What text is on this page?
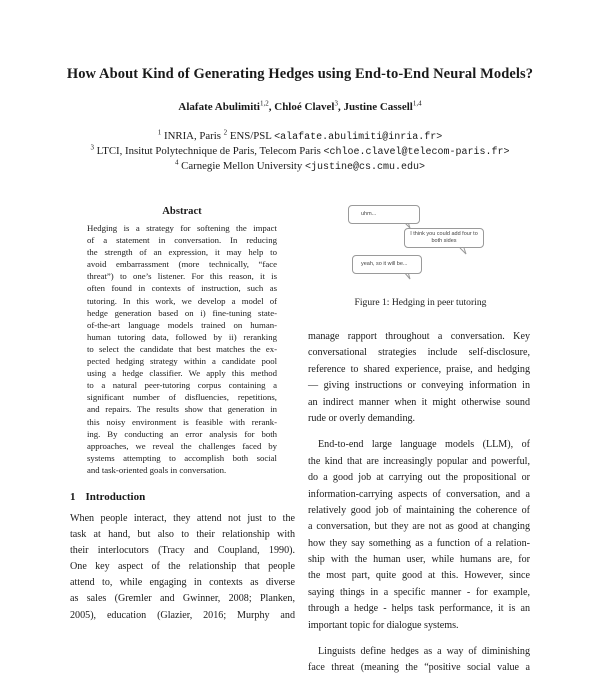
How About Kind of Generating Hedges using End-to-End Neural Models?
Alafate Abulimiti$^{1,2}$, Chloé Clavel$^3$, Justine Cassell$^{1,4}$
$^1$ INRIA, Paris $^2$ ENS/PSL <alafate.abulimiti@inria.fr>
$^3$ LTCI, Insitut Polytechnique de Paris, Telecom Paris <chloe.clavel@telecom-paris.fr>
$^4$ Carnegie Mellon University <justine@cs.cmu.edu>
Abstract
Hedging is a strategy for softening the impact
of a statement in conversation. In reducing
the strength of an expression, it may help to
avoid embarrassment (more technically, “face
threat”) to one’s listener. For this reason, it is
often found in contexts of instruction, such as
tutoring. In this work, we develop a model of
hedge generation based on i) fine-tuning state-
of-the-art language models trained on human-
human tutoring data, followed by ii) reranking
to select the candidate that best matches the ex-
pected hedging strategy within a candidate pool
using a hedge classifier. We apply this method
to a natural peer-tutoring corpus containing a
significant number of disfluencies, repetitions,
and repairs. The results show that generation in
this noisy environment is feasible with rerank-
ing. By conducting an error analysis for both
approaches, we reveal the challenges faced by
systems attempting to accomplish both social
and task-oriented goals in conversation.
1 Introduction
When people interact, they attend not just to the
task at hand, but also to their relationship with
their interlocutors (Tracy and Coupland, 1990).
One key aspect of the relationship that people
attend to, while engaging in contexts as diverse
as sales (Gremler and Gwinner, 2008; Planken,
2005), education (Glazier, 2016; Murphy and
uhm...
I think you could add four to
both sides
yeah, so it will be...
Figure 1: Hedging in peer tutoring
manage rapport throughout a conversation. Key
conversational strategies include self-disclosure,
reference to shared experience, praise, and hedging
— giving instructions or conveying information in
an indirect manner when it might otherwise sound
rude or overly demanding.
End-to-end large language models (LLM), of
the kind that are increasingly popular and powerful,
do a good job at carrying out the propositional or
information-carrying aspects of conversation, and a
relatively good job of maintaining the coherence of
a conversation, but they are not as good at changing
how they say something as a function of a relation-
ship with the human user, while humans are, for
the most part, quite good at this. However, since
saying things in a specific manner - for example,
through a hedge - helps task performance, it is an
important topic for dialogue systems.
Linguists define hedges as a way of diminishing
face threat (meaning the “positive social value a
